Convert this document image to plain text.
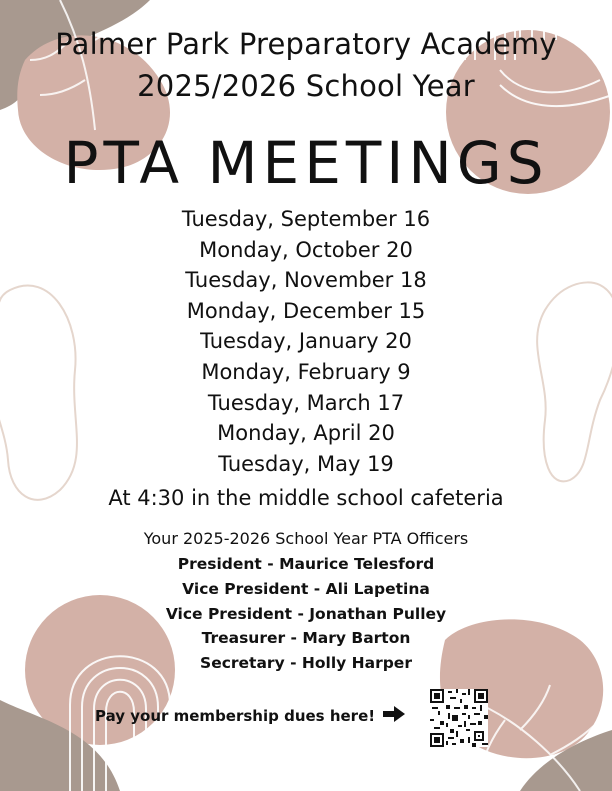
Palmer Park Preparatory Academy
2025/2026 School Year
PTA MEETINGS
Tuesday, September 16
Monday, October 20
Tuesday, November 18
Monday, December 15
Tuesday, January 20
Monday, February 9
Tuesday, March 17
Monday, April 20
Tuesday, May 19
At 4:30 in the middle school cafeteria
Your 2025-2026 School Year PTA Officers
President - Maurice Telesford
Vice President - Ali Lapetina
Vice President - Jonathan Pulley
Treasurer - Mary Barton
Secretary - Holly Harper
Pay your membership dues here!
